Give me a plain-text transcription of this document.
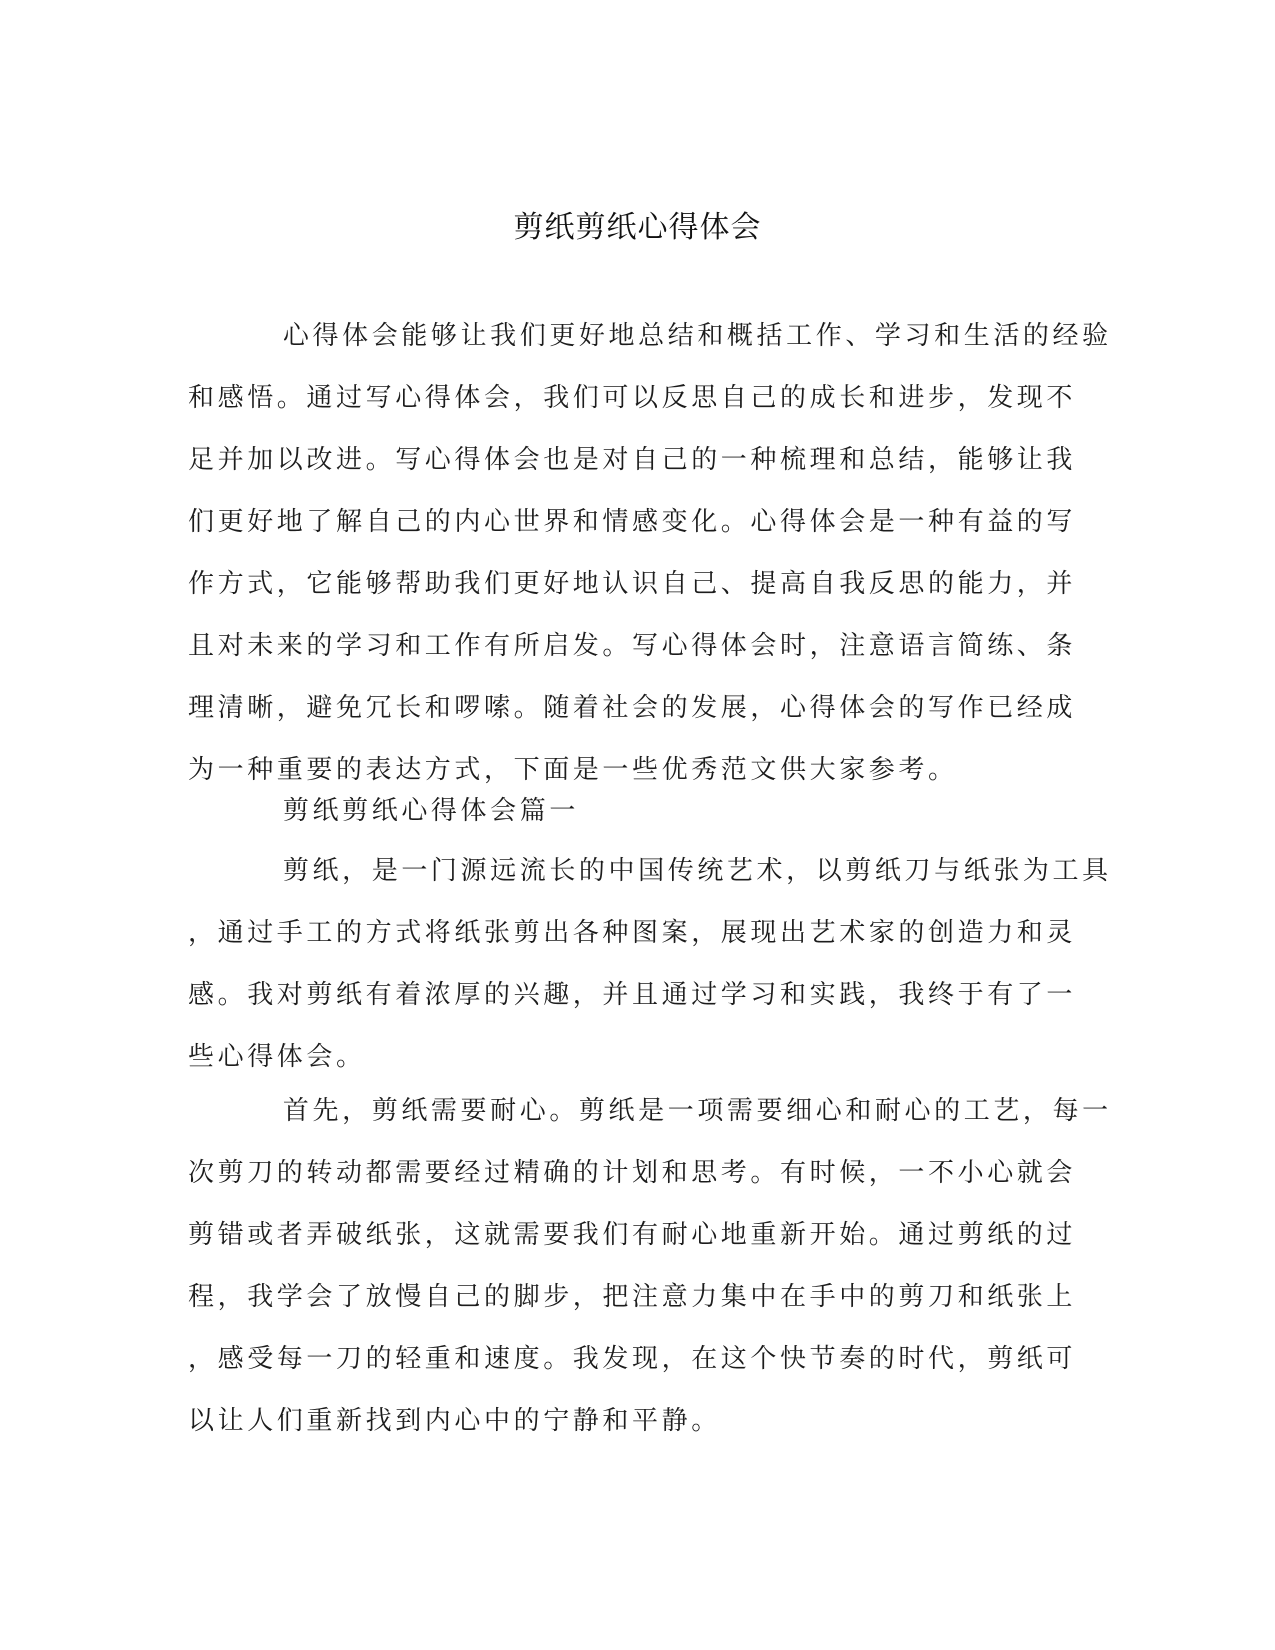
剪纸剪纸心得体会
心得体会能够让我们更好地总结和概括工作、学习和生活的经验
和感悟。通过写心得体会，我们可以反思自己的成长和进步，发现不
足并加以改进。写心得体会也是对自己的一种梳理和总结，能够让我
们更好地了解自己的内心世界和情感变化。心得体会是一种有益的写
作方式，它能够帮助我们更好地认识自己、提高自我反思的能力，并
且对未来的学习和工作有所启发。写心得体会时，注意语言简练、条
理清晰，避免冗长和啰嗦。随着社会的发展，心得体会的写作已经成
为一种重要的表达方式，下面是一些优秀范文供大家参考。
剪纸剪纸心得体会篇一
剪纸，是一门源远流长的中国传统艺术，以剪纸刀与纸张为工具
，通过手工的方式将纸张剪出各种图案，展现出艺术家的创造力和灵
感。我对剪纸有着浓厚的兴趣，并且通过学习和实践，我终于有了一
些心得体会。
首先，剪纸需要耐心。剪纸是一项需要细心和耐心的工艺，每一
次剪刀的转动都需要经过精确的计划和思考。有时候，一不小心就会
剪错或者弄破纸张，这就需要我们有耐心地重新开始。通过剪纸的过
程，我学会了放慢自己的脚步，把注意力集中在手中的剪刀和纸张上
，感受每一刀的轻重和速度。我发现，在这个快节奏的时代，剪纸可
以让人们重新找到内心中的宁静和平静。
